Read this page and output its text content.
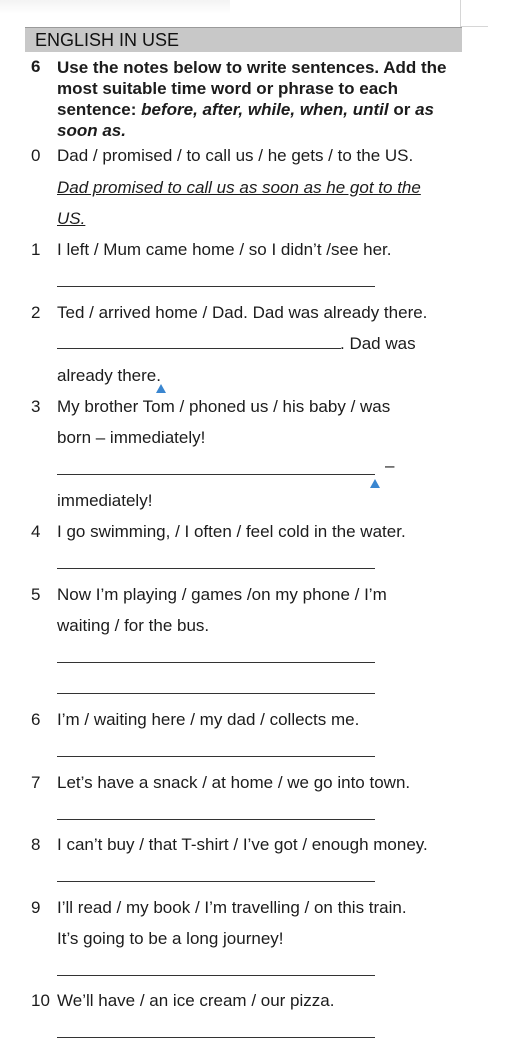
ENGLISH IN USE
6 Use the notes below to write sentences. Add the most suitable time word or phrase to each sentence: before, after, while, when, until or as soon as.
0 Dad / promised / to call us / he gets / to the US.
Dad promised to call us as soon as he got to the
US.
1 I left / Mum came home / so I didn’t /see her.
2 Ted / arrived home / Dad. Dad was already there.
. Dad was
already there.
3 My brother Tom / phoned us / his baby / was
born – immediately!
–
immediately!
4 I go swimming, / I often / feel cold in the water.
5 Now I’m playing / games /on my phone / I’m
waiting / for the bus.
6 I’m / waiting here / my dad / collects me.
7 Let’s have a snack / at home / we go into town.
8 I can’t buy / that T-shirt / I’ve got / enough money.
9 I’ll read / my book / I’m travelling / on this train.
It’s going to be a long journey!
10 We’ll have / an ice cream / our pizza.
